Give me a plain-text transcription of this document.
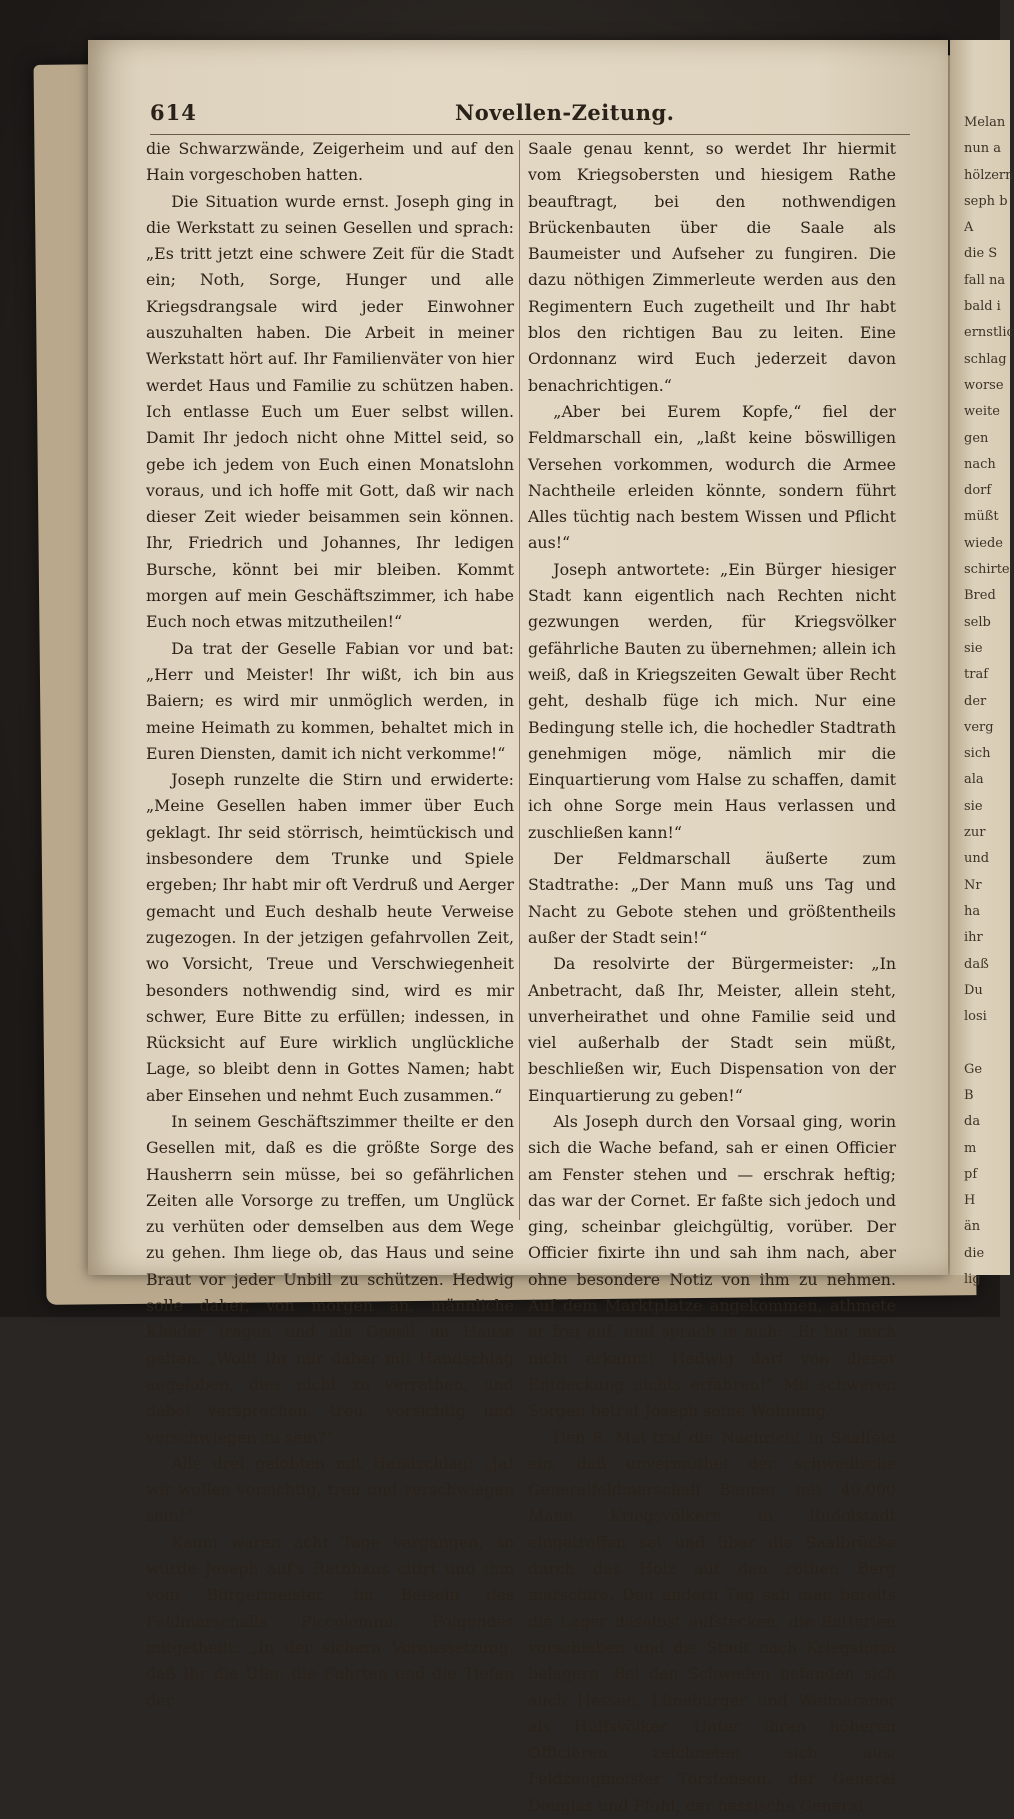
Melan
nun a
hölzern
seph b
A
die S
fall na
bald i
ernstlic
schlag
worse
weite
gen
nach
dorf
müßt
wiede
schirte
Bred
selb
sie
traf
der
verg
sich
ala
sie
zur
und
Nr
ha
ihr
daß
Du
losi
Ge
B
da
m
pf
H
än
die
lig
614	Novellen-Zeitung.

die Schwarzwände, Zeigerheim und auf den Hain vorgeschoben hatten.

Die Situation wurde ernst. Joseph ging in die Werkstatt zu seinen Gesellen und sprach: „Es tritt jetzt eine schwere Zeit für die Stadt ein; Noth, Sorge, Hunger und alle Kriegsdrangsale wird jeder Einwohner auszuhalten haben. Die Arbeit in meiner Werkstatt hört auf. Ihr Familienväter von hier werdet Haus und Familie zu schützen haben. Ich entlasse Euch um Euer selbst willen. Damit Ihr jedoch nicht ohne Mittel seid, so gebe ich jedem von Euch einen Monatslohn voraus, und ich hoffe mit Gott, daß wir nach dieser Zeit wieder beisammen sein können. Ihr, Friedrich und Johannes, Ihr ledigen Bursche, könnt bei mir bleiben. Kommt morgen auf mein Geschäftszimmer, ich habe Euch noch etwas mitzutheilen!“

Da trat der Geselle Fabian vor und bat: „Herr und Meister! Ihr wißt, ich bin aus Baiern; es wird mir unmöglich werden, in meine Heimath zu kommen, behaltet mich in Euren Diensten, damit ich nicht verkomme!“

Joseph runzelte die Stirn und erwiderte: „Meine Gesellen haben immer über Euch geklagt. Ihr seid störrisch, heimtückisch und insbesondere dem Trunke und Spiele ergeben; Ihr habt mir oft Verdruß und Aerger gemacht und Euch deshalb heute Verweise zugezogen. In der jetzigen gefahrvollen Zeit, wo Vorsicht, Treue und Verschwiegenheit besonders nothwendig sind, wird es mir schwer, Eure Bitte zu erfüllen; indessen, in Rücksicht auf Eure wirklich unglückliche Lage, so bleibt denn in Gottes Namen; habt aber Einsehen und nehmt Euch zusammen.“

In seinem Geschäftszimmer theilte er den Gesellen mit, daß es die größte Sorge des Hausherrn sein müsse, bei so gefährlichen Zeiten alle Vorsorge zu treffen, um Unglück zu verhüten oder demselben aus dem Wege zu gehen. Ihm liege ob, das Haus und seine Braut vor jeder Unbill zu schützen. Hedwig solle daher, von morgen an, männliche Kleider tragen und als Gesell im Hause gelten. „Wollt Ihr mir daher mit Handschlag angeloben, dies nicht zu verrathen, und dabei versprechen, treu, vorsichtig und verschwiegen zu sein?“

Alle drei gelobten mit Handschlag: „Ja! wir wollen vorsichtig, treu und verschwiegen sein!“

Kaum waren acht Tage vergangen, so wurde Joseph auf's Rathhaus citirt und ihm vom Bürgermeister, im Beisein des Feldmarschalls Piccolomini, Folgendes mitgetheilt: „In der sichern Voraussetzung, daß Ihr die Ufer, die Fuhrten und die Tiefen der

Saale genau kennt, so werdet Ihr hiermit vom Kriegsobersten und hiesigem Rathe beauftragt, bei den nothwendigen Brückenbauten über die Saale als Baumeister und Aufseher zu fungiren. Die dazu nöthigen Zimmerleute werden aus den Regimentern Euch zugetheilt und Ihr habt blos den richtigen Bau zu leiten. Eine Ordonnanz wird Euch jederzeit davon benachrichtigen.“

„Aber bei Eurem Kopfe,“ fiel der Feldmarschall ein, „laßt keine böswilligen Versehen vorkommen, wodurch die Armee Nachtheile erleiden könnte, sondern führt Alles tüchtig nach bestem Wissen und Pflicht aus!“

Joseph antwortete: „Ein Bürger hiesiger Stadt kann eigentlich nach Rechten nicht gezwungen werden, für Kriegsvölker gefährliche Bauten zu übernehmen; allein ich weiß, daß in Kriegszeiten Gewalt über Recht geht, deshalb füge ich mich. Nur eine Bedingung stelle ich, die hochedler Stadtrath genehmigen möge, nämlich mir die Einquartierung vom Halse zu schaffen, damit ich ohne Sorge mein Haus verlassen und zuschließen kann!“

Der Feldmarschall äußerte zum Stadtrathe: „Der Mann muß uns Tag und Nacht zu Gebote stehen und größtentheils außer der Stadt sein!“

Da resolvirte der Bürgermeister: „In Anbetracht, daß Ihr, Meister, allein steht, unverheirathet und ohne Familie seid und viel außerhalb der Stadt sein müßt, beschließen wir, Euch Dispensation von der Einquartierung zu geben!“

Als Joseph durch den Vorsaal ging, worin sich die Wache befand, sah er einen Officier am Fenster stehen und — erschrak heftig; das war der Cornet. Er faßte sich jedoch und ging, scheinbar gleichgültig, vorüber. Der Officier fixirte ihn und sah ihm nach, aber ohne besondere Notiz von ihm zu nehmen. Auf dem Marktplatze angekommen, athmete er frei auf, und sprach in sich: „Er hat mich nicht erkannt! Hedwig darf von dieser Entdeckung nichts erfahren!“ Mit schweren Sorgen betrat Joseph seine Wohnung.

Den 8. Mai traf die Nachricht in Saalfeld ein, daß unvermuthet der schwedische Generalfeldmarschall Banner mit 40,000 Mann Kriegsvölkern in Rudolstadt eingetroffen sei und über die Saalbrücke durch das Holz auf den rothen Berg marschire. Den andern Tag sah man bereits die Lager daselbst aufstecken, die Batterien vorschieben und die Stadt nach Kriegsform belagern. Bei den Schweden befanden sich auch Hessen, Lüneburger und Weimaraner als Hülfsvölker. Unter ihren höheren Officieren zeichneten sich aus: Feldzeugmeister Torstenson, der General Douglas und Pfuhl, der hessische General
